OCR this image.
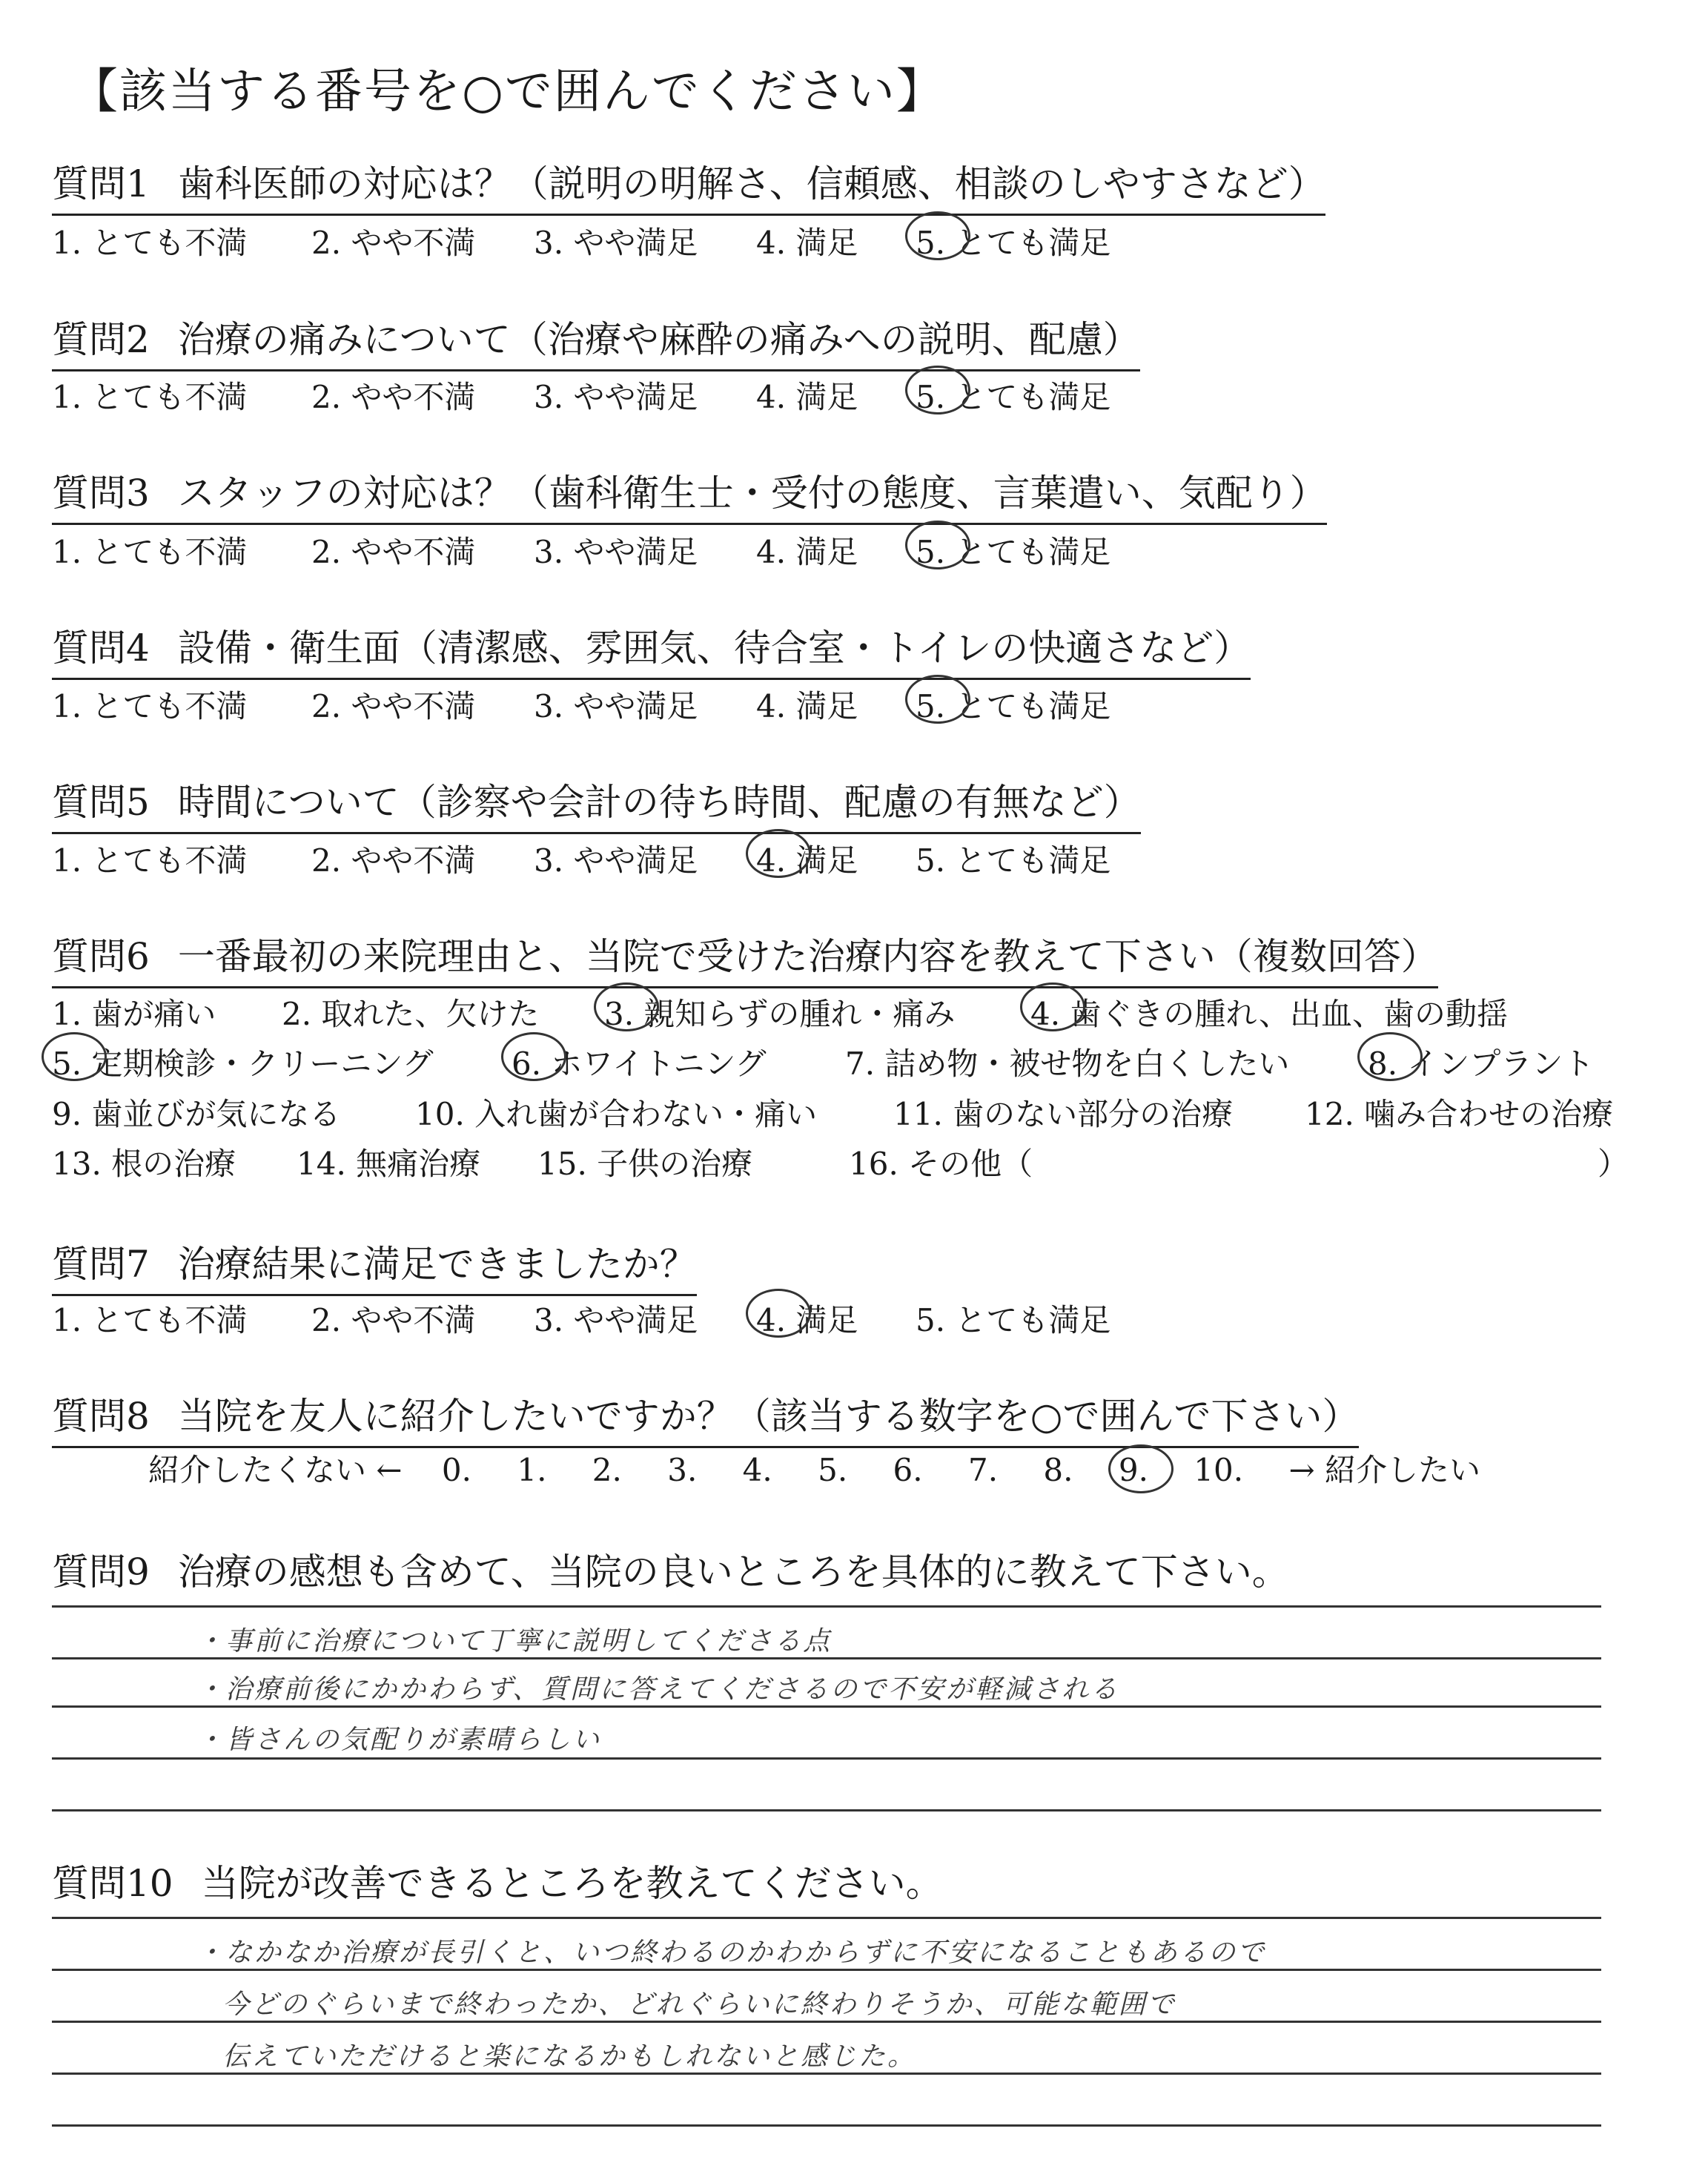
【該当する番号を○で囲んでください】
質問1 歯科医師の対応は？（説明の明解さ、信頼感、相談のしやすさなど）
1. とても不満 2. やや不満 3. やや満足 4. 満足 5. とても満足
質問2 治療の痛みについて（治療や麻酔の痛みへの説明、配慮）
1. とても不満 2. やや不満 3. やや満足 4. 満足 5. とても満足
質問3 スタッフの対応は？（歯科衛生士・受付の態度、言葉遣い、気配り）
1. とても不満 2. やや不満 3. やや満足 4. 満足 5. とても満足
質問4 設備・衛生面（清潔感、雰囲気、待合室・トイレの快適さなど）
1. とても不満 2. やや不満 3. やや満足 4. 満足 5. とても満足
質問5 時間について（診察や会計の待ち時間、配慮の有無など）
1. とても不満 2. やや不満 3. やや満足 4. 満足 5. とても満足
質問6 一番最初の来院理由と、当院で受けた治療内容を教えて下さい（複数回答）
1. 歯が痛い 2. 取れた、欠けた 3. 親知らずの腫れ・痛み 4. 歯ぐきの腫れ、出血、歯の動揺
5. 定期検診・クリーニング	6. ホワイトニング	7. 詰め物・被せ物を白くしたい	8. インプラント
9. 歯並びが気になる 10. 入れ歯が合わない・痛い 11. 歯のない部分の治療 12. 噛み合わせの治療
13. 根の治療 14. 無痛治療 15. 子供の治療	16. その他（	）
質問7 治療結果に満足できましたか？
1. とても不満 2. やや不満 3. やや満足 4. 満足 5. とても満足
質問8 当院を友人に紹介したいですか？（該当する数字を○で囲んで下さい）
紹介したくない ← 0. 1. 2. 3. 4. 5. 6. 7. 8. 9. 10. → 紹介したい
質問9 治療の感想も含めて、当院の良いところを具体的に教えて下さい。
・事前に治療について丁寧に説明してくださる点
・治療前後にかかわらず、質問に答えてくださるので不安が軽減される
・皆さんの気配りが素晴らしい
質問10 当院が改善できるところを教えてください。
・なかなか治療が長引くと、いつ終わるのかわからずに不安になることもあるので
今どのぐらいまで終わったか、どれぐらいに終わりそうか、可能な範囲で
伝えていただけると楽になるかもしれないと感じた。
